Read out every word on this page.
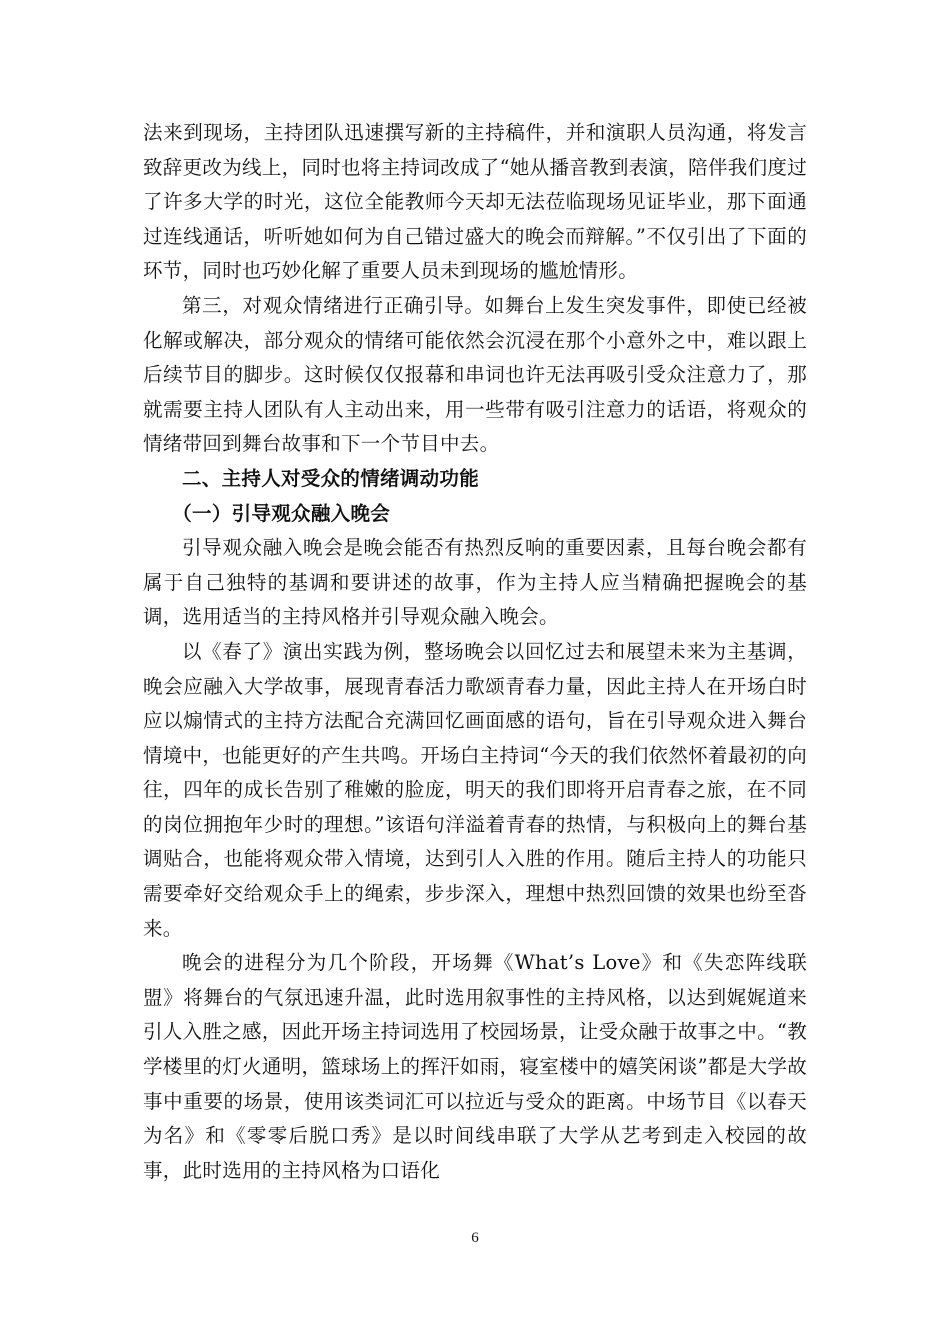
法来到现场，主持团队迅速撰写新的主持稿件，并和演职人员沟通，将发言致辞更改为线上，同时也将主持词改成了“她从播音教到表演，陪伴我们度过了许多大学的时光，这位全能教师今天却无法莅临现场见证毕业，那下面通过连线通话，听听她如何为自己错过盛大的晚会而辩解。”不仅引出了下面的环节，同时也巧妙化解了重要人员未到现场的尴尬情形。

第三，对观众情绪进行正确引导。如舞台上发生突发事件，即使已经被化解或解决，部分观众的情绪可能依然会沉浸在那个小意外之中，难以跟上后续节目的脚步。这时候仅仅报幕和串词也许无法再吸引受众注意力了，那就需要主持人团队有人主动出来，用一些带有吸引注意力的话语，将观众的情绪带回到舞台故事和下一个节目中去。

二、主持人对受众的情绪调动功能

（一）引导观众融入晚会

引导观众融入晚会是晚会能否有热烈反响的重要因素，且每台晚会都有属于自己独特的基调和要讲述的故事，作为主持人应当精确把握晚会的基调，选用适当的主持风格并引导观众融入晚会。

以《春了》演出实践为例，整场晚会以回忆过去和展望未来为主基调，晚会应融入大学故事，展现青春活力歌颂青春力量，因此主持人在开场白时应以煽情式的主持方法配合充满回忆画面感的语句，旨在引导观众进入舞台情境中，也能更好的产生共鸣。开场白主持词“今天的我们依然怀着最初的向往，四年的成长告别了稚嫩的脸庞，明天的我们即将开启青春之旅，在不同的岗位拥抱年少时的理想。”该语句洋溢着青春的热情，与积极向上的舞台基调贴合，也能将观众带入情境，达到引人入胜的作用。随后主持人的功能只需要牵好交给观众手上的绳索，步步深入，理想中热烈回馈的效果也纷至沓来。

晚会的进程分为几个阶段，开场舞《What’s Love》和《失恋阵线联盟》将舞台的气氛迅速升温，此时选用叙事性的主持风格，以达到娓娓道来引人入胜之感，因此开场主持词选用了校园场景，让受众融于故事之中。“教学楼里的灯火通明，篮球场上的挥汗如雨，寝室楼中的嬉笑闲谈”都是大学故事中重要的场景，使用该类词汇可以拉近与受众的距离。中场节目《以春天为名》和《零零后脱口秀》是以时间线串联了大学从艺考到走入校园的故事，此时选用的主持风格为口语化

6
